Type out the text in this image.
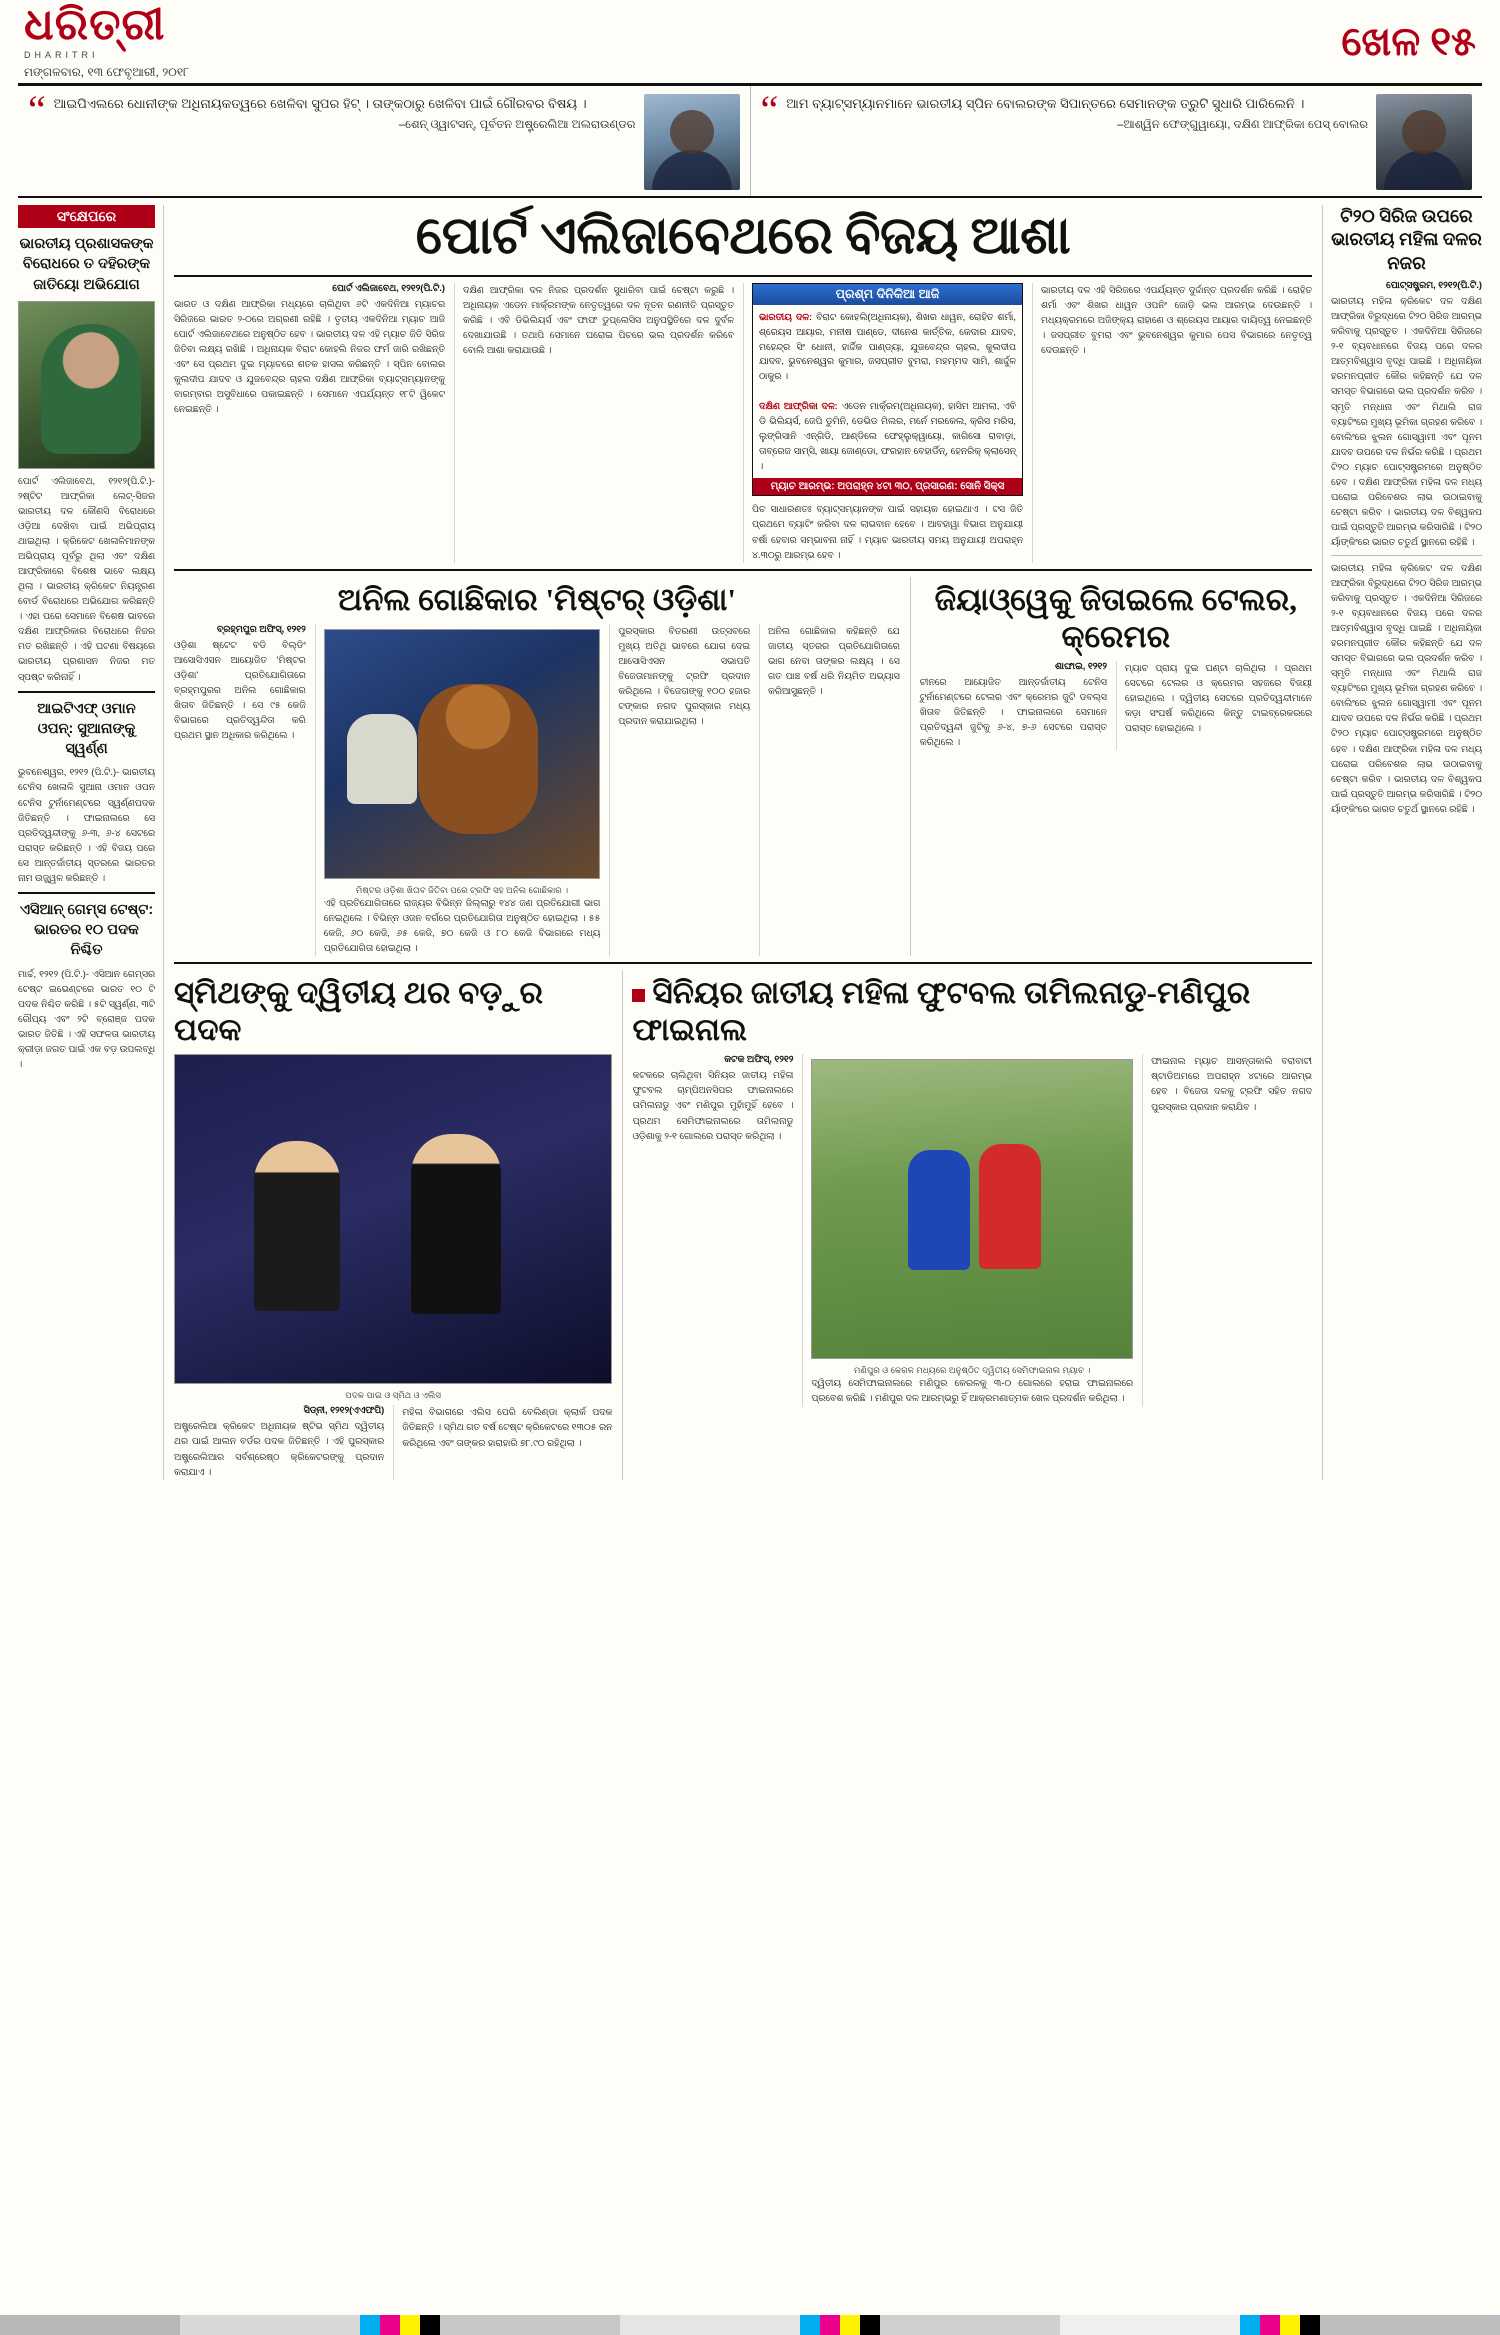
ଧରିତ୍ରୀ
DHARITRI
ମଙ୍ଗଳବାର, ୧୩ ଫେବୃଆରୀ, ୨୦୧୮
ଖେଳ ୧୫
“ ଆଇପିଏଲରେ ଧୋନୀଙ୍କ ଅଧିନାୟକତ୍ୱରେ ଖେଳିବା ସୁପର ହିଟ୍ । ତାଙ୍କଠାରୁ ଖେଳିବା ପାଇଁ ଗୌରବର ବିଷୟ ।
–ଶେନ୍ ଓ୍ୱାଟସନ୍, ପୂର୍ବତନ ଅଷ୍ଟ୍ରେଲିଆ ଅଲରାଉଣ୍ଡର	“ ଆମ ବ୍ୟାଟ୍ସମ୍ୟାନମାନେ ଭାରତୀୟ ସ୍ପିନ ବୋଲରଙ୍କ ସିପାନ୍ତରେ ସେମାନଙ୍କ ତ୍ରୁଟି ସୁଧାରି ପାରିଲେନି ।
–ଆଶ୍ୱିନ ଫେଙ୍ଗୁୱାୟୋ, ଦକ୍ଷିଣ ଆଫ୍ରିକା ପେସ୍ ବୋଲର
ସଂକ୍ଷେପରେ
ଭାରତୀୟ ପ୍ରଶାସକଙ୍କ ବିରୋଧରେ ତ ଦହିରଙ୍କ ଜାତିୟୋ ଅଭିଯୋଗ
ପୋର୍ଟ ଏଲିଜାବେଥ, ୧୨୧୨(ପି.ଟି.)- ୨ଷ୍ଟିଟ ଆଫ୍ରିକା ଲେଟ୍-ସିଜର ଭାରତୀୟ ଦଳ କୌଣସି ବିରୋଧରେ ଓଡ଼ିଆ ଦେଖିବା ପାଇଁ ଅଭିପ୍ରାୟ ଥାଇଥିଲା । କ୍ରିକେଟ ଖେଳାଳିମାନଙ୍କ ଅଭିପ୍ରାୟ ପୂର୍ବରୁ ଥିଲା ଏବଂ ଦକ୍ଷିଣ ଆଫ୍ରିକାରେ ବିଶେଷ ଭାବେ ଲକ୍ଷ୍ୟ ଥିଲା । ଭାରତୀୟ କ୍ରିକେଟ ନିୟନ୍ତ୍ରଣ ବୋର୍ଡ ବିରୋଧରେ ଅଭିଯୋଗ କରିଛନ୍ତି । ଏହା ପରେ ସେମାନେ ବିଶେଷ ଭାବରେ ଦକ୍ଷିଣ ଆଫ୍ରିକାର ବିରୋଧରେ ନିଜର ମତ ରଖିଛନ୍ତି । ଏହି ଘଟଣା ବିଷୟରେ ଭାରତୀୟ ପ୍ରଶାସନ ନିଜର ମତ ସ୍ପଷ୍ଟ କରିନାହିଁ ।
ଆଇଟିଏଫ୍ ଓମାନ ଓପନ୍: ସୁଆନାଙ୍କୁ ସ୍ୱର୍ଣ୍ଣ
ଭୁବନେଶ୍ୱର, ୧୨୧୨ (ପି.ଟି.)- ଭାରତୀୟ ଟେନିସ ଖେଳାଳି ସୁଆନା ଓମାନ ଓପନ ଟେନିସ ଟୁର୍ନାମେଣ୍ଟରେ ସ୍ୱର୍ଣ୍ଣପଦକ ଜିତିଛନ୍ତି । ଫାଇନାଲରେ ସେ ପ୍ରତିଦ୍ୱନ୍ଦୀଙ୍କୁ ୬-୩, ୬-୪ ସେଟରେ ପରାସ୍ତ କରିଛନ୍ତି । ଏହି ବିଜୟ ପରେ ସେ ଆନ୍ତର୍ଜାତୀୟ ସ୍ତରରେ ଭାରତର ନାମ ଉଜ୍ଜ୍ୱଳ କରିଛନ୍ତି ।
ଏସିଆନ୍ ଗେମ୍ସ ଟେଷ୍ଟ: ଭାରତର ୧୦ ପଦକ ନିଶ୍ଚିତ
ମାର୍ଚ୍ଚ, ୧୨୧୨ (ପି.ଟି.)- ଏସିଆନ ଗେମ୍ସର ଟେଷ୍ଟ ଇଭେଣ୍ଟରେ ଭାରତ ୧୦ ଟି ପଦକ ନିଶ୍ଚିତ କରିଛି । ୫ଟି ସ୍ୱର୍ଣ୍ଣ, ୩ଟି ରୌପ୍ୟ ଏବଂ ୨ଟି ବ୍ରୋଞ୍ଜ ପଦକ ଭାରତ ଜିତିଛି । ଏହି ସଫଳତା ଭାରତୀୟ କ୍ରୀଡ଼ା ଜଗତ ପାଇଁ ଏକ ବଡ଼ ଉପଲବ୍ଧି ।
ପୋର୍ଟ ଏଲିଜାବେଥରେ ବିଜୟ ଆଶା
ପୋର୍ଟ ଏଲିଜାବେଥ, ୧୨୧୨(ପି.ଟି.)
ଭାରତ ଓ ଦକ୍ଷିଣ ଆଫ୍ରିକା ମଧ୍ୟରେ ଚାଲିଥିବା ୬ଟି ଏକଦିନିଆ ମ୍ୟାଚର ସିରିଜରେ ଭାରତ ୨-୦ରେ ଅଗ୍ରଣୀ ରହିଛି । ତୃତୀୟ ଏକଦିନିଆ ମ୍ୟାଚ ଆଜି ପୋର୍ଟ ଏଲିଜାବେଥରେ ଅନୁଷ୍ଠିତ ହେବ । ଭାରତୀୟ ଦଳ ଏହି ମ୍ୟାଚ ଜିତି ସିରିଜ ଜିତିବା ଲକ୍ଷ୍ୟ ରଖିଛି । ଅଧିନାୟକ ବିରାଟ କୋହଲି ନିଜର ଫର୍ମ ଜାରି ରଖିଛନ୍ତି ଏବଂ ସେ ପ୍ରଥମ ଦୁଇ ମ୍ୟାଚରେ ଶତକ ହାସଲ କରିଛନ୍ତି । ସ୍ପିନ ବୋଲର କୁଲଦୀପ ଯାଦବ ଓ ଯୁଜବେନ୍ଦ୍ର ଚାହଲ ଦକ୍ଷିଣ ଆଫ୍ରିକା ବ୍ୟାଟ୍ସମ୍ୟାନଙ୍କୁ ବାରମ୍ବାର ଅସୁବିଧାରେ ପକାଇଛନ୍ତି । ସେମାନେ ଏପର୍ଯ୍ୟନ୍ତ ୧୮ଟି ୱିକେଟ ନେଇଛନ୍ତି ।
ଦକ୍ଷିଣ ଆଫ୍ରିକା ଦଳ ନିଜର ପ୍ରଦର୍ଶନ ସୁଧାରିବା ପାଇଁ ଚେଷ୍ଟା କରୁଛି । ଅଧିନାୟକ ଏଡେନ ମାର୍କ୍ରମଙ୍କ ନେତୃତ୍ୱରେ ଦଳ ନୂତନ ରଣନୀତି ପ୍ରସ୍ତୁତ କରିଛି । ଏବି ଡିଭିଲିୟର୍ସ ଏବଂ ଫାଫ ଡୁପ୍ଲେସିସ ଅନୁପସ୍ଥିତିରେ ଦଳ ଦୁର୍ବଳ ଦେଖାଯାଉଛି । ତଥାପି ସେମାନେ ଘରୋଇ ପିଚରେ ଭଲ ପ୍ରଦର୍ଶନ କରିବେ ବୋଲି ଆଶା କରାଯାଉଛି ।
ପ୍ରଶ୍ମ ଦିନିକିଆ ଆଜି
ଭାରତୀୟ ଦଳ: ବିରାଟ କୋହଲି(ଅଧିନାୟକ), ଶିଖର ଧାୱନ, ରୋହିତ ଶର୍ମା, ଶ୍ରେୟସ ଆୟାର, ମନୀଷ ପାଣ୍ଡେ, ଦୀନେଶ କାର୍ତ୍ତିକ, କେଦାର ଯାଦବ, ମହେନ୍ଦ୍ର ସିଂ ଧୋନୀ, ହାର୍ଦ୍ଦିକ ପାଣ୍ଡ୍ୟା, ଯୁଜବେନ୍ଦ୍ର ଚାହଲ, କୁଲଦୀପ ଯାଦବ, ଭୁବନେଶ୍ୱର କୁମାର, ଜସପ୍ରୀତ ବୁମରା, ମହମ୍ମଦ ସାମି, ଶାର୍ଦ୍ଦୁଳ ଠାକୁର ।

ଦକ୍ଷିଣ ଆଫ୍ରିକା ଦଳ: ଏଡେନ ମାର୍କ୍ରମ(ଅଧିନାୟକ), ହାସିମ ଆମଲା, ଏବି ଡି ଭିଲିୟର୍ସ, ଜେପି ଡୁମିନି, ଡେଭିଡ ମିଲର, ମର୍ନେ ମରକେଲ, କ୍ରିସ ମରିସ, ଲୁଙ୍ଗିସାନି ଏନ୍ଗିଡି, ଆଣ୍ଡିଲେ ଫେହ୍ଲୁକ୍ୱାୟୋ, କାଗିସୋ ରାବାଡ଼ା, ତାବ୍ରେଜ ସାମ୍ସି, ଖାୟା ଜୋଣ୍ଡୋ, ଫରହାନ ବେହାର୍ଡିନ୍, ହେନରିକ୍ କ୍ଲାସେନ୍ ।
ମ୍ୟାଚ ଆରମ୍ଭ: ଅପରାହ୍ନ ୪ଟା ୩୦, ପ୍ରସାରଣ: ସୋନି ସିକ୍ସ
ପିଚ ସାଧାରଣତଃ ବ୍ୟାଟ୍ସମ୍ୟାନଙ୍କ ପାଇଁ ସହାୟକ ହୋଇଥାଏ । ଟସ ଜିତି ପ୍ରଥମେ ବ୍ୟାଟିଂ କରିବା ଦଳ ଲାଭବାନ ହେବେ । ଆବହାୱା ବିଭାଗ ଅନୁଯାୟୀ ବର୍ଷା ହେବାର ସମ୍ଭାବନା ନାହିଁ । ମ୍ୟାଚ ଭାରତୀୟ ସମୟ ଅନୁଯାୟୀ ଅପରାହ୍ନ ୪.୩୦ରୁ ଆରମ୍ଭ ହେବ ।
ଭାରତୀୟ ଦଳ ଏହି ସିରିଜରେ ଏପର୍ଯ୍ୟନ୍ତ ଦୁର୍ଦ୍ଦାନ୍ତ ପ୍ରଦର୍ଶନ କରିଛି । ରୋହିତ ଶର୍ମା ଏବଂ ଶିଖର ଧାୱନ ଓପନିଂ ଜୋଡ଼ି ଭଲ ଆରମ୍ଭ ଦେଉଛନ୍ତି । ମଧ୍ୟକ୍ରମରେ ଅଜିଙ୍କ୍ୟ ରାହାଣେ ଓ ଶ୍ରେୟସ ଆୟାର ଦାୟିତ୍ୱ ନେଇଛନ୍ତି । ଜସପ୍ରୀତ ବୁମରା ଏବଂ ଭୁବନେଶ୍ୱର କୁମାର ପେସ ବିଭାଗରେ ନେତୃତ୍ୱ ଦେଉଛନ୍ତି ।
ଅନିଲ ଗୋଛିକାର 'ମିଷ୍ଟର୍ ଓଡ଼ିଶା'
ବ୍ରହ୍ମପୁର ଅଫିସ୍, ୧୨୧୨
ଓଡ଼ିଶା ଷ୍ଟେଟ ବଡି ବିଲ୍ଡିଂ ଆସୋସିଏସନ ଆୟୋଜିତ 'ମିଷ୍ଟର ଓଡ଼ିଶା' ପ୍ରତିଯୋଗିତାରେ ବ୍ରହ୍ମପୁରର ଅନିଲ ଗୋଛିକାର ଖିତାବ ଜିତିଛନ୍ତି । ସେ ୯୫ କେଜି ବିଭାଗରେ ପ୍ରତିଦ୍ୱନ୍ଦିତା କରି ପ୍ରଥମ ସ୍ଥାନ ଅଧିକାର କରିଥିଲେ ।
ମିଷ୍ଟର ଓଡ଼ିଶା ଖିତାବ ଜିତିବା ପରେ ଟ୍ରଫି ସହ ଅନିଲ ଗୋଛିକାର ।
ଏହି ପ୍ରତିଯୋଗିତାରେ ରାଜ୍ୟର ବିଭିନ୍ନ ଜିଲ୍ଲାରୁ ୧୪୪ ଜଣ ପ୍ରତିଯୋଗୀ ଭାଗ ନେଇଥିଲେ । ବିଭିନ୍ନ ଓଜନ ବର୍ଗରେ ପ୍ରତିଯୋଗିତା ଅନୁଷ୍ଠିତ ହୋଇଥିଲା । ୫୫ କେଜି, ୬୦ କେଜି, ୬୫ କେଜି, ୭୦ କେଜି ଓ ୮୦ କେଜି ବିଭାଗରେ ମଧ୍ୟ ପ୍ରତିଯୋଗିତା ହୋଇଥିଲା ।
ପୁରସ୍କାର ବିତରଣୀ ଉତ୍ସବରେ ମୁଖ୍ୟ ଅତିଥି ଭାବରେ ଯୋଗ ଦେଇ ଆସୋସିଏସନ ସଭାପତି ବିଜେତାମାନଙ୍କୁ ଟ୍ରଫି ପ୍ରଦାନ କରିଥିଲେ । ବିଜେତାଙ୍କୁ ୧୦୦ ହଜାର ଟଙ୍କାର ନଗଦ ପୁରସ୍କାର ମଧ୍ୟ ପ୍ରଦାନ କରାଯାଇଥିଲା ।
ଅନିଲ ଗୋଛିକାର କହିଛନ୍ତି ଯେ ଜାତୀୟ ସ୍ତରର ପ୍ରତିଯୋଗିତାରେ ଭାଗ ନେବା ତାଙ୍କର ଲକ୍ଷ୍ୟ । ସେ ଗତ ପାଞ୍ଚ ବର୍ଷ ଧରି ନିୟମିତ ଅଭ୍ୟାସ କରିଆସୁଛନ୍ତି ।
ଜିୟାଓ୍ୱେକୁ ଜିତାଇଲେ ଟେଲର, କ୍ରେମର
ଶାଙ୍ଘାଇ, ୧୨୧୨
ଚୀନରେ ଆୟୋଜିତ ଆନ୍ତର୍ଜାତୀୟ ଟେନିସ ଟୁର୍ନାମେଣ୍ଟରେ ଟେଲର ଏବଂ କ୍ରେମର ଜୁଟି ଡବଲ୍ସ ଖିତାବ ଜିତିଛନ୍ତି । ଫାଇନାଲରେ ସେମାନେ ପ୍ରତିଦ୍ୱନ୍ଦୀ ଜୁଟିକୁ ୬-୪, ୭-୬ ସେଟରେ ପରାସ୍ତ କରିଥିଲେ ।
ମ୍ୟାଚ ପ୍ରାୟ ଦୁଇ ଘଣ୍ଟା ଚାଲିଥିଲା । ପ୍ରଥମ ସେଟରେ ଟେଲର ଓ କ୍ରେମର ସହଜରେ ବିଜୟୀ ହୋଇଥିଲେ । ଦ୍ୱିତୀୟ ସେଟରେ ପ୍ରତିଦ୍ୱନ୍ଦୀମାନେ କଡ଼ା ସଂଘର୍ଷ କରିଥିଲେ କିନ୍ତୁ ଟାଇବ୍ରେକରରେ ପରାସ୍ତ ହୋଇଥିଲେ ।
ସ୍ମିଥଙ୍କୁ ଦ୍ୱିତୀୟ ଥର ବଡ଼ୁର ପଦକ
ପଦକ ପାଇ ଓ ସ୍ମିଥ ଓ ଏଲିସ
ସିଡ୍ନୀ, ୧୨୧୨(ଏଏଫପି)
ଅଷ୍ଟ୍ରେଲିଆ କ୍ରିକେଟ ଅଧିନାୟକ ଷ୍ଟିଭ ସ୍ମିଥ ଦ୍ୱିତୀୟ ଥର ପାଇଁ ଆଲନ ବର୍ଡର ପଦକ ଜିତିଛନ୍ତି । ଏହି ପୁରସ୍କାର ଅଷ୍ଟ୍ରେଲିଆର ସର୍ବଶ୍ରେଷ୍ଠ କ୍ରିକେଟରଙ୍କୁ ପ୍ରଦାନ କରାଯାଏ ।
ମହିଳା ବିଭାଗରେ ଏଲିସ ପେରି ବେଲିଣ୍ଡା କ୍ଲାର୍କ ପଦକ ଜିତିଛନ୍ତି । ସ୍ମିଥ ଗତ ବର୍ଷ ଟେଷ୍ଟ କ୍ରିକେଟରେ ୧୩୦୫ ରନ କରିଥିଲେ ଏବଂ ତାଙ୍କର ହାରାହାରି ୭୮.୯୦ ରହିଥିଲା ।
ସିନିୟର ଜାତୀୟ ମହିଳା ଫୁଟବଲ ତାମିଲନାଡୁ-ମଣିପୁର ଫାଇନାଲ
କଟକ ଅଫିସ୍, ୧୨୧୨
କଟକରେ ଚାଲିଥିବା ସିନିୟର ଜାତୀୟ ମହିଳା ଫୁଟବଲ ଚାମ୍ପିଅନସିପର ଫାଇନାଲରେ ତାମିଲନାଡୁ ଏବଂ ମଣିପୁର ମୁହାଁମୁହିଁ ହେବେ । ପ୍ରଥମ ସେମିଫାଇନାଲରେ ତାମିଲନାଡୁ ଓଡ଼ିଶାକୁ ୨-୧ ଗୋଲରେ ପରାସ୍ତ କରିଥିଲା ।
ମଣିପୁର ଓ କେରଳ ମଧ୍ୟରେ ଅନୁଷ୍ଠିତ ଦ୍ୱିତୀୟ ସେମିଫାଇନାଲ ମ୍ୟାଚ ।
ଦ୍ୱିତୀୟ ସେମିଫାଇନାଲରେ ମଣିପୁର କେରଳକୁ ୩-୦ ଗୋଲରେ ହରାଇ ଫାଇନାଲରେ ପ୍ରବେଶ କରିଛି । ମଣିପୁର ଦଳ ଆରମ୍ଭରୁ ହିଁ ଆକ୍ରମଣାତ୍ମକ ଖେଳ ପ୍ରଦର୍ଶନ କରିଥିଲା ।
ଫାଇନାଲ ମ୍ୟାଚ ଆସନ୍ତାକାଲି ବରାବାଟୀ ଷ୍ଟାଡିଅମରେ ଅପରାହ୍ନ ୪ଟାରେ ଆରମ୍ଭ ହେବ । ବିଜେତା ଦଳକୁ ଟ୍ରଫି ସହିତ ନଗଦ ପୁରସ୍କାର ପ୍ରଦାନ କରାଯିବ ।
ଟି୨୦ ସିରିଜ ଉପରେ ଭାରତୀୟ ମହିଳା ଦଳର ନଜର
ପୋଟ୍ସଷ୍ଟ୍ରମ, ୧୨୧୨(ପି.ଟି.)
ଭାରତୀୟ ମହିଳା କ୍ରିକେଟ ଦଳ ଦକ୍ଷିଣ ଆଫ୍ରିକା ବିରୁଦ୍ଧରେ ଟି୨୦ ସିରିଜ ଆରମ୍ଭ କରିବାକୁ ପ୍ରସ୍ତୁତ । ଏକଦିନିଆ ସିରିଜରେ ୨-୧ ବ୍ୟବଧାନରେ ବିଜୟ ପରେ ଦଳର ଆତ୍ମବିଶ୍ୱାସ ବୃଦ୍ଧି ପାଇଛି । ଅଧିନାୟିକା ହରମନପ୍ରୀତ କୌର କହିଛନ୍ତି ଯେ ଦଳ ସମସ୍ତ ବିଭାଗରେ ଭଲ ପ୍ରଦର୍ଶନ କରିବ । ସ୍ମୃତି ମନ୍ଧାନା ଏବଂ ମିଥାଲି ରାଜ ବ୍ୟାଟିଂରେ ମୁଖ୍ୟ ଭୂମିକା ଗ୍ରହଣ କରିବେ । ବୋଲିଂରେ ଝୁଲନ ଗୋସ୍ୱାମୀ ଏବଂ ପୂନମ ଯାଦବ ଉପରେ ଦଳ ନିର୍ଭର କରିଛି । ପ୍ରଥମ ଟି୨୦ ମ୍ୟାଚ ପୋଟ୍ସଷ୍ଟ୍ରମରେ ଅନୁଷ୍ଠିତ ହେବ । ଦକ୍ଷିଣ ଆଫ୍ରିକା ମହିଳା ଦଳ ମଧ୍ୟ ଘରୋଇ ପରିବେଶର ଲାଭ ଉଠାଇବାକୁ ଚେଷ୍ଟା କରିବ । ଭାରତୀୟ ଦଳ ବିଶ୍ୱକପ ପାଇଁ ପ୍ରସ୍ତୁତି ଆରମ୍ଭ କରିସାରିଛି । ଟି୨୦ ର୍ୟାଙ୍କିଂରେ ଭାରତ ଚତୁର୍ଥ ସ୍ଥାନରେ ରହିଛି ।
ଭାରତୀୟ ମହିଳା କ୍ରିକେଟ ଦଳ ଦକ୍ଷିଣ ଆଫ୍ରିକା ବିରୁଦ୍ଧରେ ଟି୨୦ ସିରିଜ ଆରମ୍ଭ କରିବାକୁ ପ୍ରସ୍ତୁତ । ଏକଦିନିଆ ସିରିଜରେ ୨-୧ ବ୍ୟବଧାନରେ ବିଜୟ ପରେ ଦଳର ଆତ୍ମବିଶ୍ୱାସ ବୃଦ୍ଧି ପାଇଛି । ଅଧିନାୟିକା ହରମନପ୍ରୀତ କୌର କହିଛନ୍ତି ଯେ ଦଳ ସମସ୍ତ ବିଭାଗରେ ଭଲ ପ୍ରଦର୍ଶନ କରିବ । ସ୍ମୃତି ମନ୍ଧାନା ଏବଂ ମିଥାଲି ରାଜ ବ୍ୟାଟିଂରେ ମୁଖ୍ୟ ଭୂମିକା ଗ୍ରହଣ କରିବେ । ବୋଲିଂରେ ଝୁଲନ ଗୋସ୍ୱାମୀ ଏବଂ ପୂନମ ଯାଦବ ଉପରେ ଦଳ ନିର୍ଭର କରିଛି । ପ୍ରଥମ ଟି୨୦ ମ୍ୟାଚ ପୋଟ୍ସଷ୍ଟ୍ରମରେ ଅନୁଷ୍ଠିତ ହେବ । ଦକ୍ଷିଣ ଆଫ୍ରିକା ମହିଳା ଦଳ ମଧ୍ୟ ଘରୋଇ ପରିବେଶର ଲାଭ ଉଠାଇବାକୁ ଚେଷ୍ଟା କରିବ । ଭାରତୀୟ ଦଳ ବିଶ୍ୱକପ ପାଇଁ ପ୍ରସ୍ତୁତି ଆରମ୍ଭ କରିସାରିଛି । ଟି୨୦ ର୍ୟାଙ୍କିଂରେ ଭାରତ ଚତୁର୍ଥ ସ୍ଥାନରେ ରହିଛି ।
